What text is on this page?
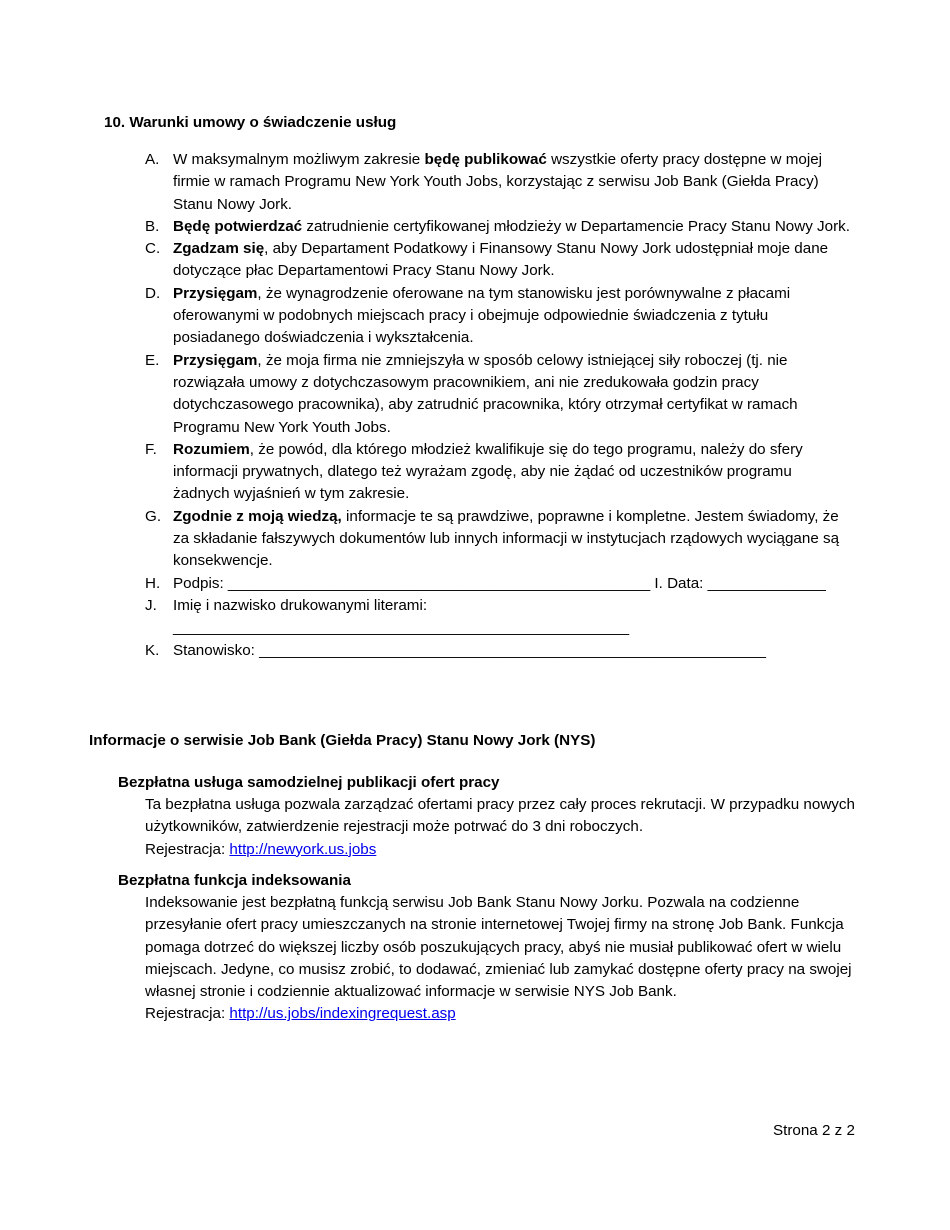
10. Warunki umowy o świadczenie usług
A. W maksymalnym możliwym zakresie będę publikować wszystkie oferty pracy dostępne w mojej firmie w ramach Programu New York Youth Jobs, korzystając z serwisu Job Bank (Giełda Pracy) Stanu Nowy Jork.
B. Będę potwierdzać zatrudnienie certyfikowanej młodzieży w Departamencie Pracy Stanu Nowy Jork.
C. Zgadzam się, aby Departament Podatkowy i Finansowy Stanu Nowy Jork udostępniał moje dane dotyczące płac Departamentowi Pracy Stanu Nowy Jork.
D. Przysięgam, że wynagrodzenie oferowane na tym stanowisku jest porównywalne z płacami oferowanymi w podobnych miejscach pracy i obejmuje odpowiednie świadczenia z tytułu posiadanego doświadczenia i wykształcenia.
E. Przysięgam, że moja firma nie zmniejszyła w sposób celowy istniejącej siły roboczej (tj. nie rozwiązała umowy z dotychczasowym pracownikiem, ani nie zredukowała godzin pracy dotychczasowego pracownika), aby zatrudnić pracownika, który otrzymał certyfikat w ramach Programu New York Youth Jobs.
F. Rozumiem, że powód, dla którego młodzież kwalifikuje się do tego programu, należy do sfery informacji prywatnych, dlatego też wyrażam zgodę, aby nie żądać od uczestników programu żadnych wyjaśnień w tym zakresie.
G. Zgodnie z moją wiedzą, informacje te są prawdziwe, poprawne i kompletne. Jestem świadomy, że za składanie fałszywych dokumentów lub innych informacji w instytucjach rządowych wyciągane są konsekwencje.
H. Podpis: __________________________________________________ I. Data: ______________
J. Imię i nazwisko drukowanymi literami:
______________________________________________________
K. Stanowisko: ____________________________________________________________
Informacje o serwisie Job Bank (Giełda Pracy) Stanu Nowy Jork (NYS)
Bezpłatna usługa samodzielnej publikacji ofert pracy
Ta bezpłatna usługa pozwala zarządzać ofertami pracy przez cały proces rekrutacji. W przypadku nowych użytkowników, zatwierdzenie rejestracji może potrwać do 3 dni roboczych.
Rejestracja: http://newyork.us.jobs
Bezpłatna funkcja indeksowania
Indeksowanie jest bezpłatną funkcją serwisu Job Bank Stanu Nowy Jorku. Pozwala na codzienne przesyłanie ofert pracy umieszczanych na stronie internetowej Twojej firmy na stronę Job Bank. Funkcja pomaga dotrzeć do większej liczby osób poszukujących pracy, abyś nie musiał publikować ofert w wielu miejscach. Jedyne, co musisz zrobić, to dodawać, zmieniać lub zamykać dostępne oferty pracy na swojej własnej stronie i codziennie aktualizować informacje w serwisie NYS Job Bank.
Rejestracja: http://us.jobs/indexingrequest.asp

Strona 2 z 2
